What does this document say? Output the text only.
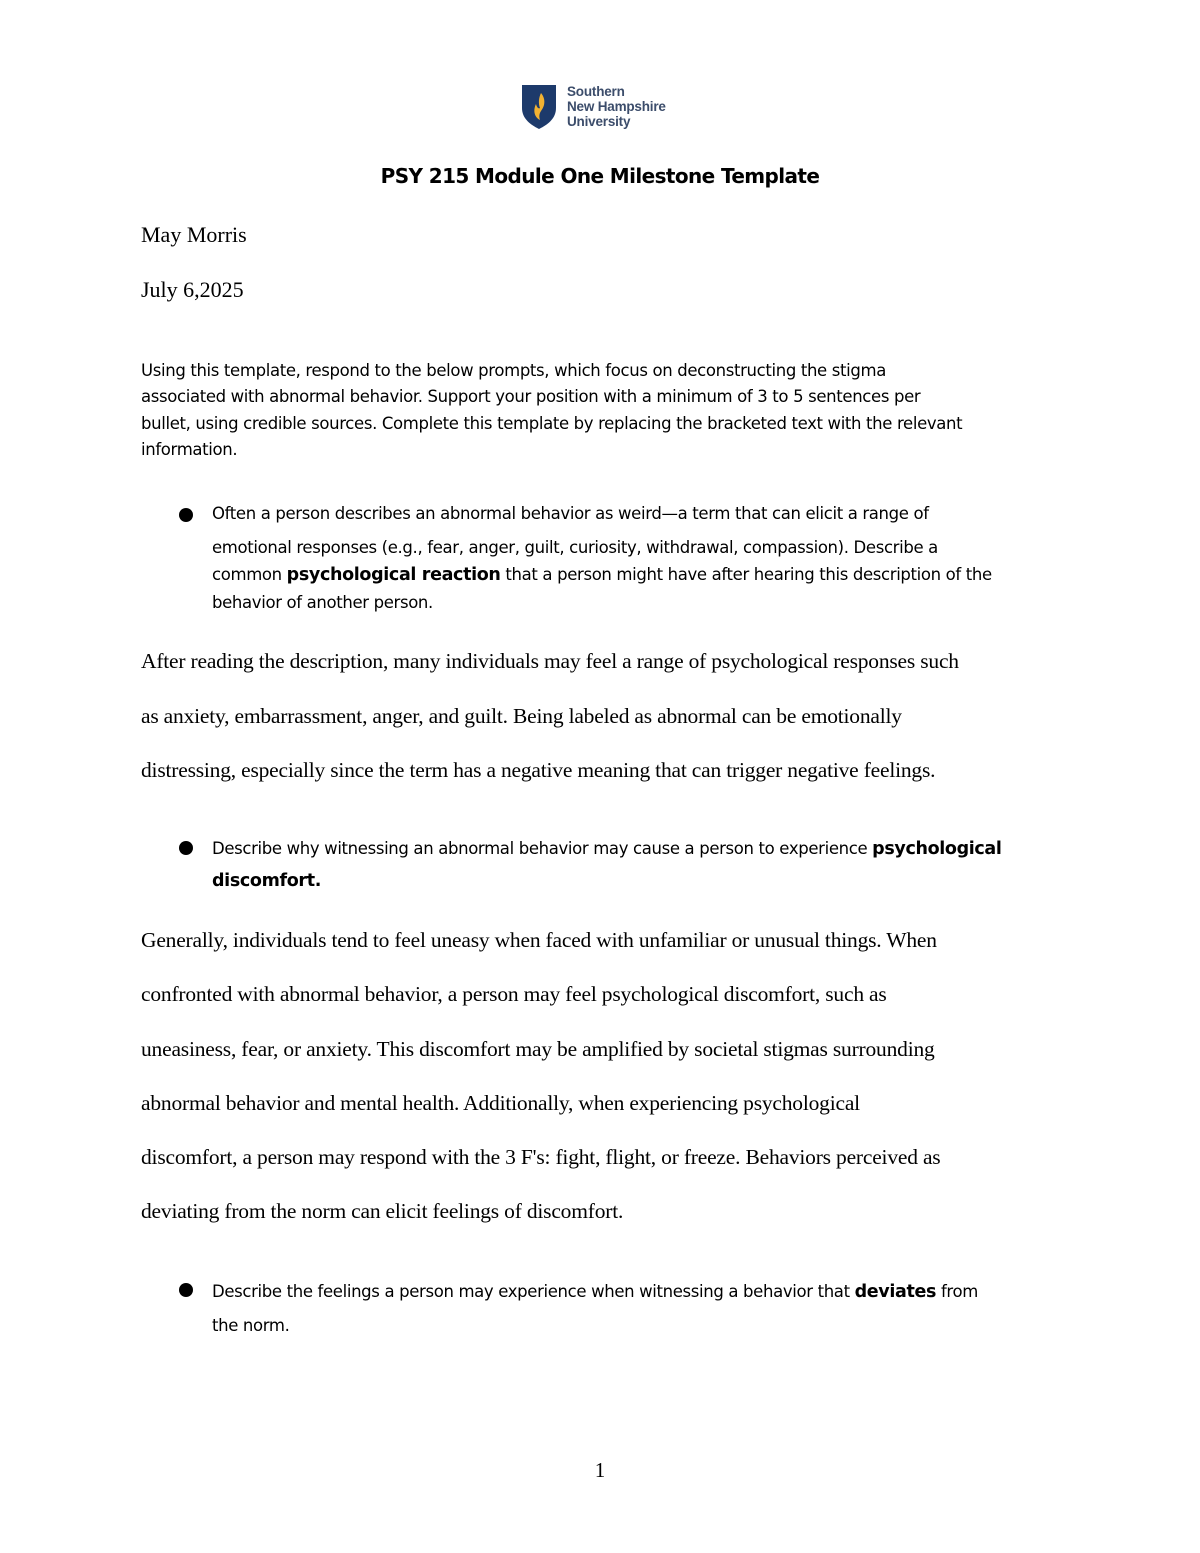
Southern
New Hampshire
University
PSY 215 Module One Milestone Template
May Morris
July 6,2025
Using this template, respond to the below prompts, which focus on deconstructing the stigma
associated with abnormal behavior. Support your position with a minimum of 3 to 5 sentences per
bullet, using credible sources. Complete this template by replacing the bracketed text with the relevant
information.
Often a person describes an abnormal behavior as weird—a term that can elicit a range of
emotional responses (e.g., fear, anger, guilt, curiosity, withdrawal, compassion). Describe a
common psychological reaction that a person might have after hearing this description of the
behavior of another person.
After reading the description, many individuals may feel a range of psychological responses such
as anxiety, embarrassment, anger, and guilt. Being labeled as abnormal can be emotionally
distressing, especially since the term has a negative meaning that can trigger negative feelings.
Describe why witnessing an abnormal behavior may cause a person to experience psychological
discomfort.
Generally, individuals tend to feel uneasy when faced with unfamiliar or unusual things. When
confronted with abnormal behavior, a person may feel psychological discomfort, such as
uneasiness, fear, or anxiety. This discomfort may be amplified by societal stigmas surrounding
abnormal behavior and mental health. Additionally, when experiencing psychological
discomfort, a person may respond with the 3 F's: fight, flight, or freeze. Behaviors perceived as
deviating from the norm can elicit feelings of discomfort.
Describe the feelings a person may experience when witnessing a behavior that deviates from
the norm.
1
